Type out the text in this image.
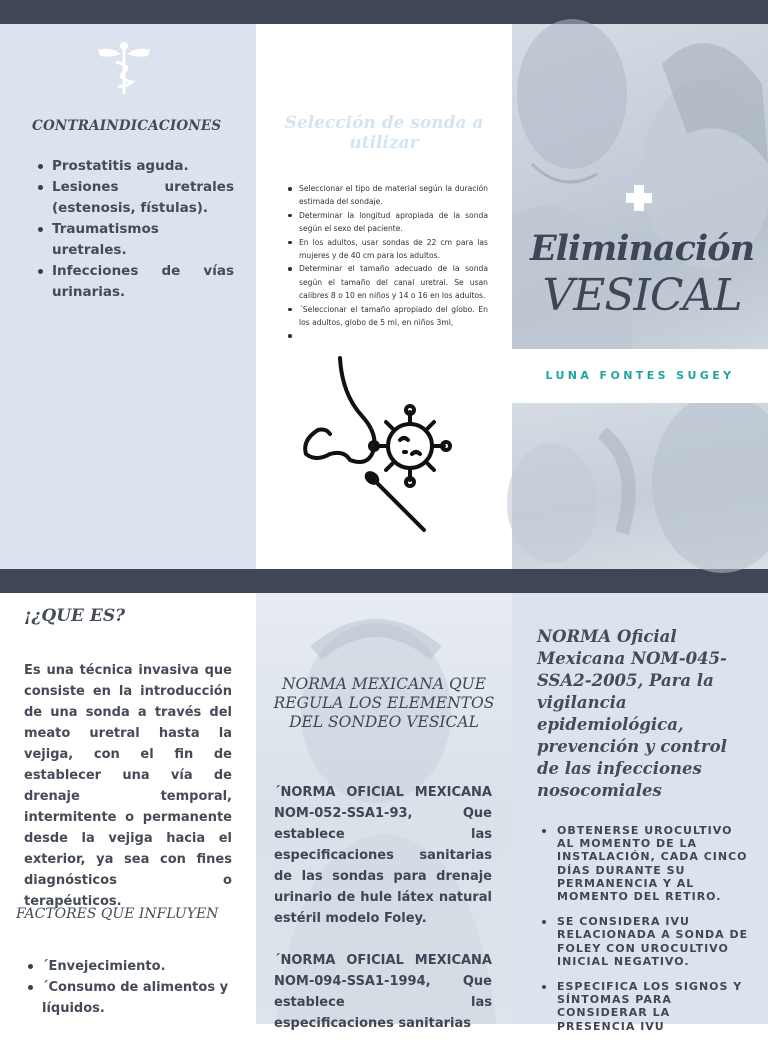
CONTRAINDICACIONES
Prostatitis aguda.
Lesiones uretrales (estenosis, fístulas).
Traumatismos uretrales.
Infecciones de vías urinarias.
Selección de sonda a utilizar
Seleccionar el tipo de material según la duración estimada del sondaje.
Determinar la longitud apropiada de la sonda según el sexo del paciente.
En los adultos, usar sondas de 22 cm para las mujeres y de 40 cm para los adultos.
Determinar el tamaño adecuado de la sonda según el tamaño del canal uretral. Se usan calibres 8 o 10 en niños y 14 o 16 en los adultos.
´Seleccionar el tamaño apropiado del globo. En los adultos, globo de 5 ml, en niños 3ml,
Eliminación
VESICAL
LUNA FONTES SUGEY
¡¿QUE ES?
Es una técnica invasiva que consiste en la introducción de una sonda a través del meato uretral hasta la vejiga, con el fin de establecer una vía de drenaje temporal, intermitente o permanente desde la vejiga hacia el exterior, ya sea con fines diagnósticos o terapéuticos.
FACTORES QUE INFLUYEN
´Envejecimiento.
´Consumo de alimentos y líquidos.
NORMA MEXICANA QUE REGULA LOS ELEMENTOS DEL SONDEO VESICAL
´NORMA OFICIAL MEXICANA NOM-052-SSA1-93, Que establece las especificaciones sanitarias de las sondas para drenaje urinario de hule látex natural estéril modelo Foley.
´NORMA OFICIAL MEXICANA NOM-094-SSA1-1994, Que establece las especificaciones sanitarias
NORMA Oficial Mexicana NOM-045-SSA2-2005, Para la vigilancia epidemiológica, prevención y control de las infecciones nosocomiales
OBTENERSE UROCULTIVO AL MOMENTO DE LA INSTALACIÓN, CADA CINCO DÍAS DURANTE SU PERMANENCIA Y AL MOMENTO DEL RETIRO.
SE CONSIDERA IVU RELACIONADA A SONDA DE FOLEY CON UROCULTIVO INICIAL NEGATIVO.
ESPECIFICA LOS SIGNOS Y SÍNTOMAS PARA CONSIDERAR LA PRESENCIA IVU
